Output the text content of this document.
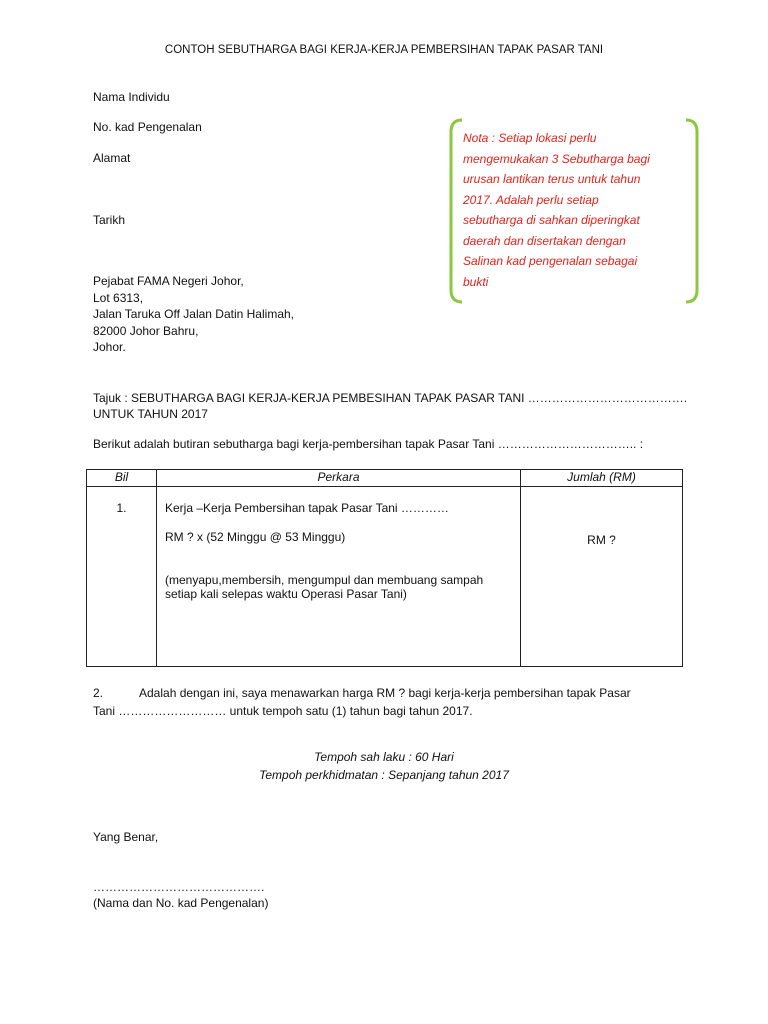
CONTOH SEBUTHARGA BAGI KERJA-KERJA PEMBERSIHAN TAPAK PASAR TANI
Nama Individu
No. kad Pengenalan
Alamat
Tarikh
Pejabat FAMA Negeri Johor,
Lot 6313,
Jalan Taruka Off Jalan Datin Halimah,
82000 Johor Bahru,
Johor.
Nota : Setiap lokasi perlu
mengemukakan 3 Sebutharga bagi
urusan lantikan terus untuk tahun
2017. Adalah perlu setiap
sebutharga di sahkan diperingkat
daerah dan disertakan dengan
Salinan kad pengenalan sebagai
bukti
Tajuk : SEBUTHARGA BAGI KERJA-KERJA PEMBESIHAN TAPAK PASAR TANI ………………………………….
UNTUK TAHUN 2017
Berikut adalah butiran sebutharga bagi kerja-pembersihan tapak Pasar Tani …………………………….. :
Bil	Perkara	Jumlah (RM)
1.	Kerja –Kerja Pembersihan tapak Pasar Tani …………
RM ? x (52 Minggu @ 53 Minggu)
(menyapu,membersih, mengumpul dan membuang sampah
setiap kali selepas waktu Operasi Pasar Tani)	RM ?
2.	Adalah dengan ini, saya menawarkan harga RM ? bagi kerja-kerja pembersihan tapak Pasar
Tani ……………………… untuk tempoh satu (1) tahun bagi tahun 2017.
Tempoh sah laku : 60 Hari
Tempoh perkhidmatan : Sepanjang tahun 2017
Yang Benar,
…………………………………….
(Nama dan No. kad Pengenalan)
